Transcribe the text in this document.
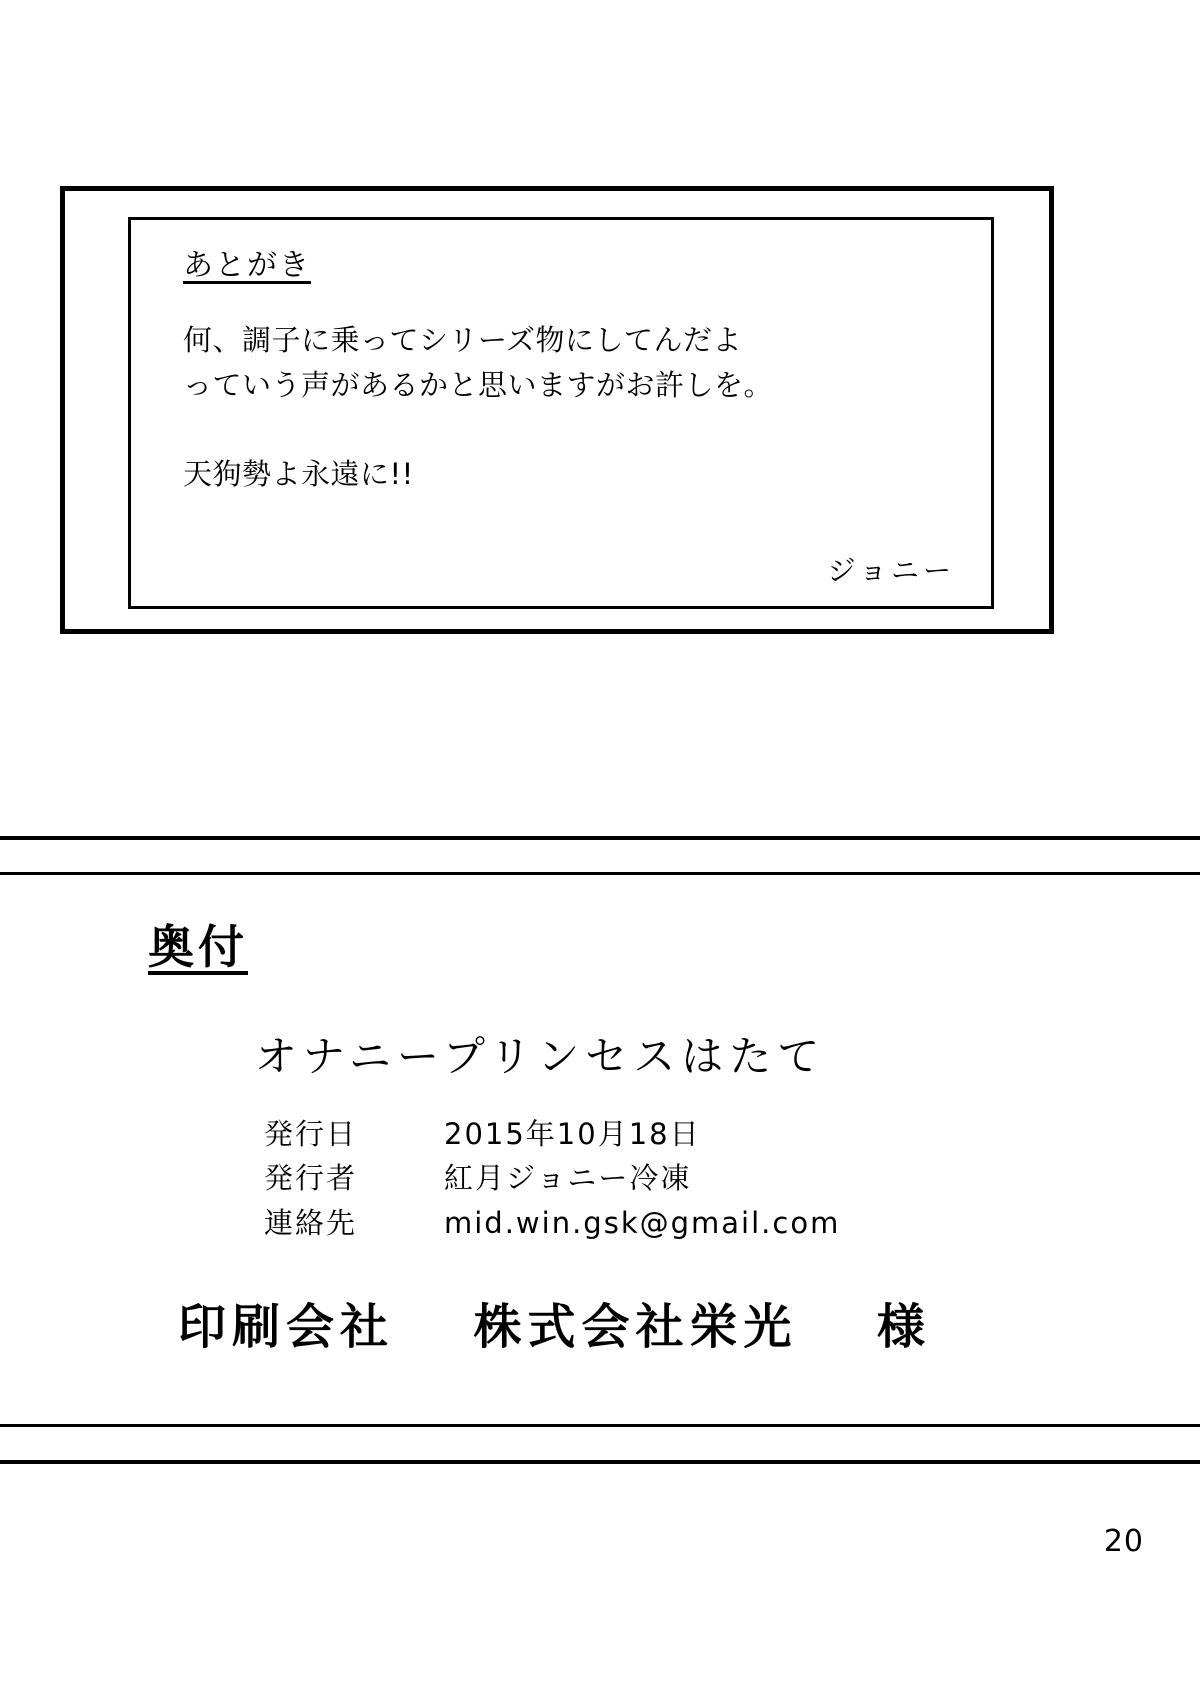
あとがき

何、調子に乗ってシリーズ物にしてんだよ

っていう声があるかと思いますがお許しを。

天狗勢よ永遠に!!

ジョニー
奥付
オナニープリンセスはたて
発行日	2015年10月18日
発行者	紅月ジョニー冷凍
連絡先	mid.win.gsk@gmail.com
印刷会社 株式会社栄光 様
20
